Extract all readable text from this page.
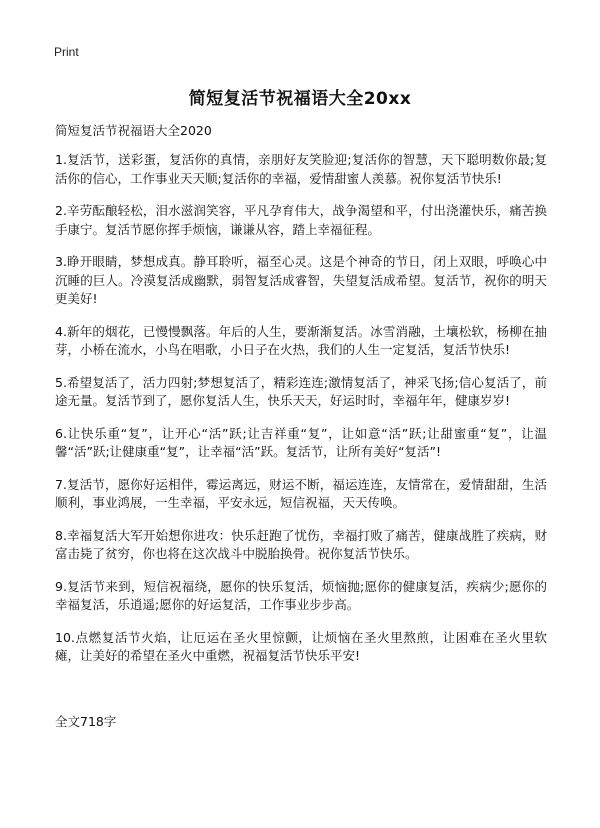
Print
简短复活节祝福语大全20xx

简短复活节祝福语大全2020

1.复活节，送彩蛋，复活你的真情，亲朋好友笑脸迎;复活你的智慧，天下聪明数你最;复活你的信心，工作事业天天顺;复活你的幸福，爱情甜蜜人羡慕。祝你复活节快乐!

2.辛劳酝酿轻松，泪水滋润笑容，平凡孕育伟大，战争渴望和平，付出浇灌快乐，痛苦换手康宁。复活节愿你挥手烦恼，谦谦从容，踏上幸福征程。

3.睁开眼睛，梦想成真。静耳聆听，福至心灵。这是个神奇的节日，闭上双眼，呼唤心中沉睡的巨人。冷漠复活成幽默，弱智复活成睿智，失望复活成希望。复活节，祝你的明天更美好!

4.新年的烟花，已慢慢飘落。年后的人生，要渐渐复活。冰雪消融，土壤松软，杨柳在抽芽，小桥在流水，小鸟在唱歌，小日子在火热，我们的人生一定复活，复活节快乐!

5.希望复活了，活力四射;梦想复活了，精彩连连;激情复活了，神采飞扬;信心复活了，前途无量。复活节到了，愿你复活人生，快乐天天，好运时时，幸福年年，健康岁岁!

6.让快乐重“复”，让开心“活”跃;让吉祥重“复”，让如意“活”跃;让甜蜜重“复”，让温馨“活”跃;让健康重“复”，让幸福“活”跃。复活节，让所有美好“复活”!

7.复活节，愿你好运相伴，霉运离远，财运不断，福运连连，友情常在，爱情甜甜，生活顺利，事业鸿展，一生幸福，平安永远，短信祝福，天天传唤。

8.幸福复活大军开始想你进攻：快乐赶跑了忧伤，幸福打败了痛苦，健康战胜了疾病，财富击毙了贫穷，你也将在这次战斗中脱胎换骨。祝你复活节快乐。

9.复活节来到，短信祝福绕，愿你的快乐复活，烦恼抛;愿你的健康复活，疾病少;愿你的幸福复活，乐逍遥;愿你的好运复活，工作事业步步高。

10.点燃复活节火焰，让厄运在圣火里惊颤，让烦恼在圣火里熬煎，让困难在圣火里软瘫，让美好的希望在圣火中重燃，祝福复活节快乐平安!

全文718字
